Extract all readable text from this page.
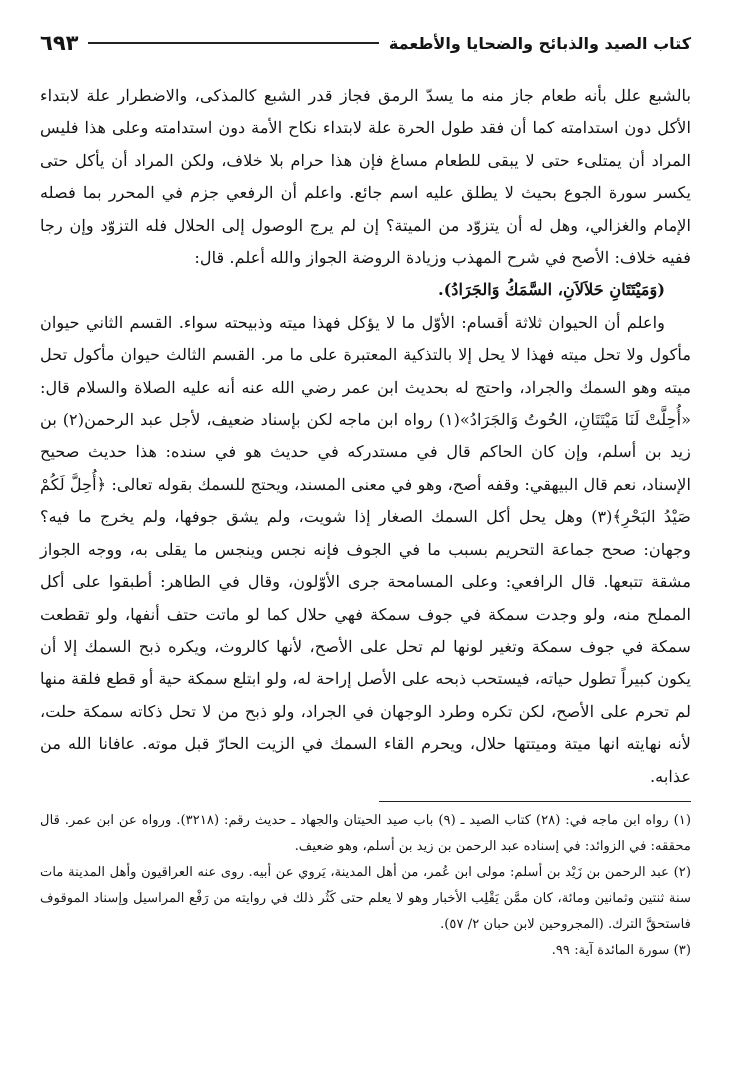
كتاب الصيد والذبائح والضحايا والأطعمة
٦٩٣

بالشبع علل بأنه طعام جاز منه ما يسدّ الرمق فجاز قدر الشبع كالمذكى، والاضطرار علة لابتداء الأكل دون استدامته كما أن فقد طول الحرة علة لابتداء نكاح الأمة دون استدامته وعلى هذا فليس المراد أن يمتلىء حتى لا يبقى للطعام مساغ فإن هذا حرام بلا خلاف، ولكن المراد أن يأكل حتى يكسر سورة الجوع بحيث لا يطلق عليه اسم جائع. واعلم أن الرفعي جزم في المحرر بما فصله الإمام والغزالي، وهل له أن يتزوّد من الميتة؟ إن لم يرج الوصول إلى الحلال فله التزوّد وإن رجا ففيه خلاف: الأصح في شرح المهذب وزيادة الروضة الجواز والله أعلم. قال:

(وَمَيْتَتَانِ حَلاَلاَنِ، السَّمَكُ وَالجَرَادُ).

واعلم أن الحيوان ثلاثة أقسام: الأوّل ما لا يؤكل فهذا ميته وذبيحته سواء. القسم الثاني حيوان مأكول ولا تحل ميته فهذا لا يحل إلا بالتذكية المعتبرة على ما مر. القسم الثالث حيوان مأكول تحل ميته وهو السمك والجراد، واحتج له بحديث ابن عمر رضي الله عنه أنه عليه الصلاة والسلام قال: «أُحِلَّتْ لَنَا مَيْتَتَانِ، الحُوتُ وَالجَرَادُ»(١) رواه ابن ماجه لكن بإسناد ضعيف، لأجل عبد الرحمن(٢) بن زيد بن أسلم، وإن كان الحاكم قال في مستدركه في حديث هو في سنده: هذا حديث صحيح الإسناد، نعم قال البيهقي: وقفه أصح، وهو في معنى المسند، ويحتج للسمك بقوله تعالى: ﴿أُحِلَّ لَكُمْ صَيْدُ البَحْرِ﴾(٣) وهل يحل أكل السمك الصغار إذا شويت، ولم يشق جوفها، ولم يخرج ما فيه؟ وجهان: صحح جماعة التحريم بسبب ما في الجوف فإنه نجس وينجس ما يقلى به، ووجه الجواز مشقة تتبعها. قال الرافعي: وعلى المسامحة جرى الأوّلون، وقال في الطاهر: أطبقوا على أكل المملح منه، ولو وجدت سمكة في جوف سمكة فهي حلال كما لو ماتت حتف أنفها، ولو تقطعت سمكة في جوف سمكة وتغير لونها لم تحل على الأصح، لأنها كالروث، ويكره ذبح السمك إلا أن يكون كبيراً تطول حياته، فيستحب ذبحه على الأصل إراحة له، ولو ابتلع سمكة حية أو قطع فلقة منها لم تحرم على الأصح، لكن تكره وطرد الوجهان في الجراد، ولو ذبح من لا تحل ذكاته سمكة حلت، لأنه نهايته انها ميتة وميتتها حلال، ويحرم القاء السمك في الزيت الحارّ قبل موته. عافانا الله من عذابه.

(١) رواه ابن ماجه في: (٢٨) كتاب الصيد ـ (٩) باب صيد الحيتان والجهاد ـ حديث رقم: (٣٢١٨). ورواه عن ابن عمر. قال محققه: في الزوائد: في إسناده عبد الرحمن بن زيد بن أسلم، وهو ضعيف.

(٢) عبد الرحمن بن زَيْد بن أسلم: مولى ابن عُمر، من أهل المدينة، يَروي عن أبيه. روى عنه العراقيون وأهل المدينة مات سنة ثنتين وثمانين ومائة، كان ممَّن يَقْلِب الأخبار وهو لا يعلم حتى كَثُر ذلك في روايته من رَفْع المراسيل وإسناد الموقوف فاستحقَّ الترك. (المجروحين لابن حبان ٢/ ٥٧).

(٣) سورة المائدة آية: ٩٩.
